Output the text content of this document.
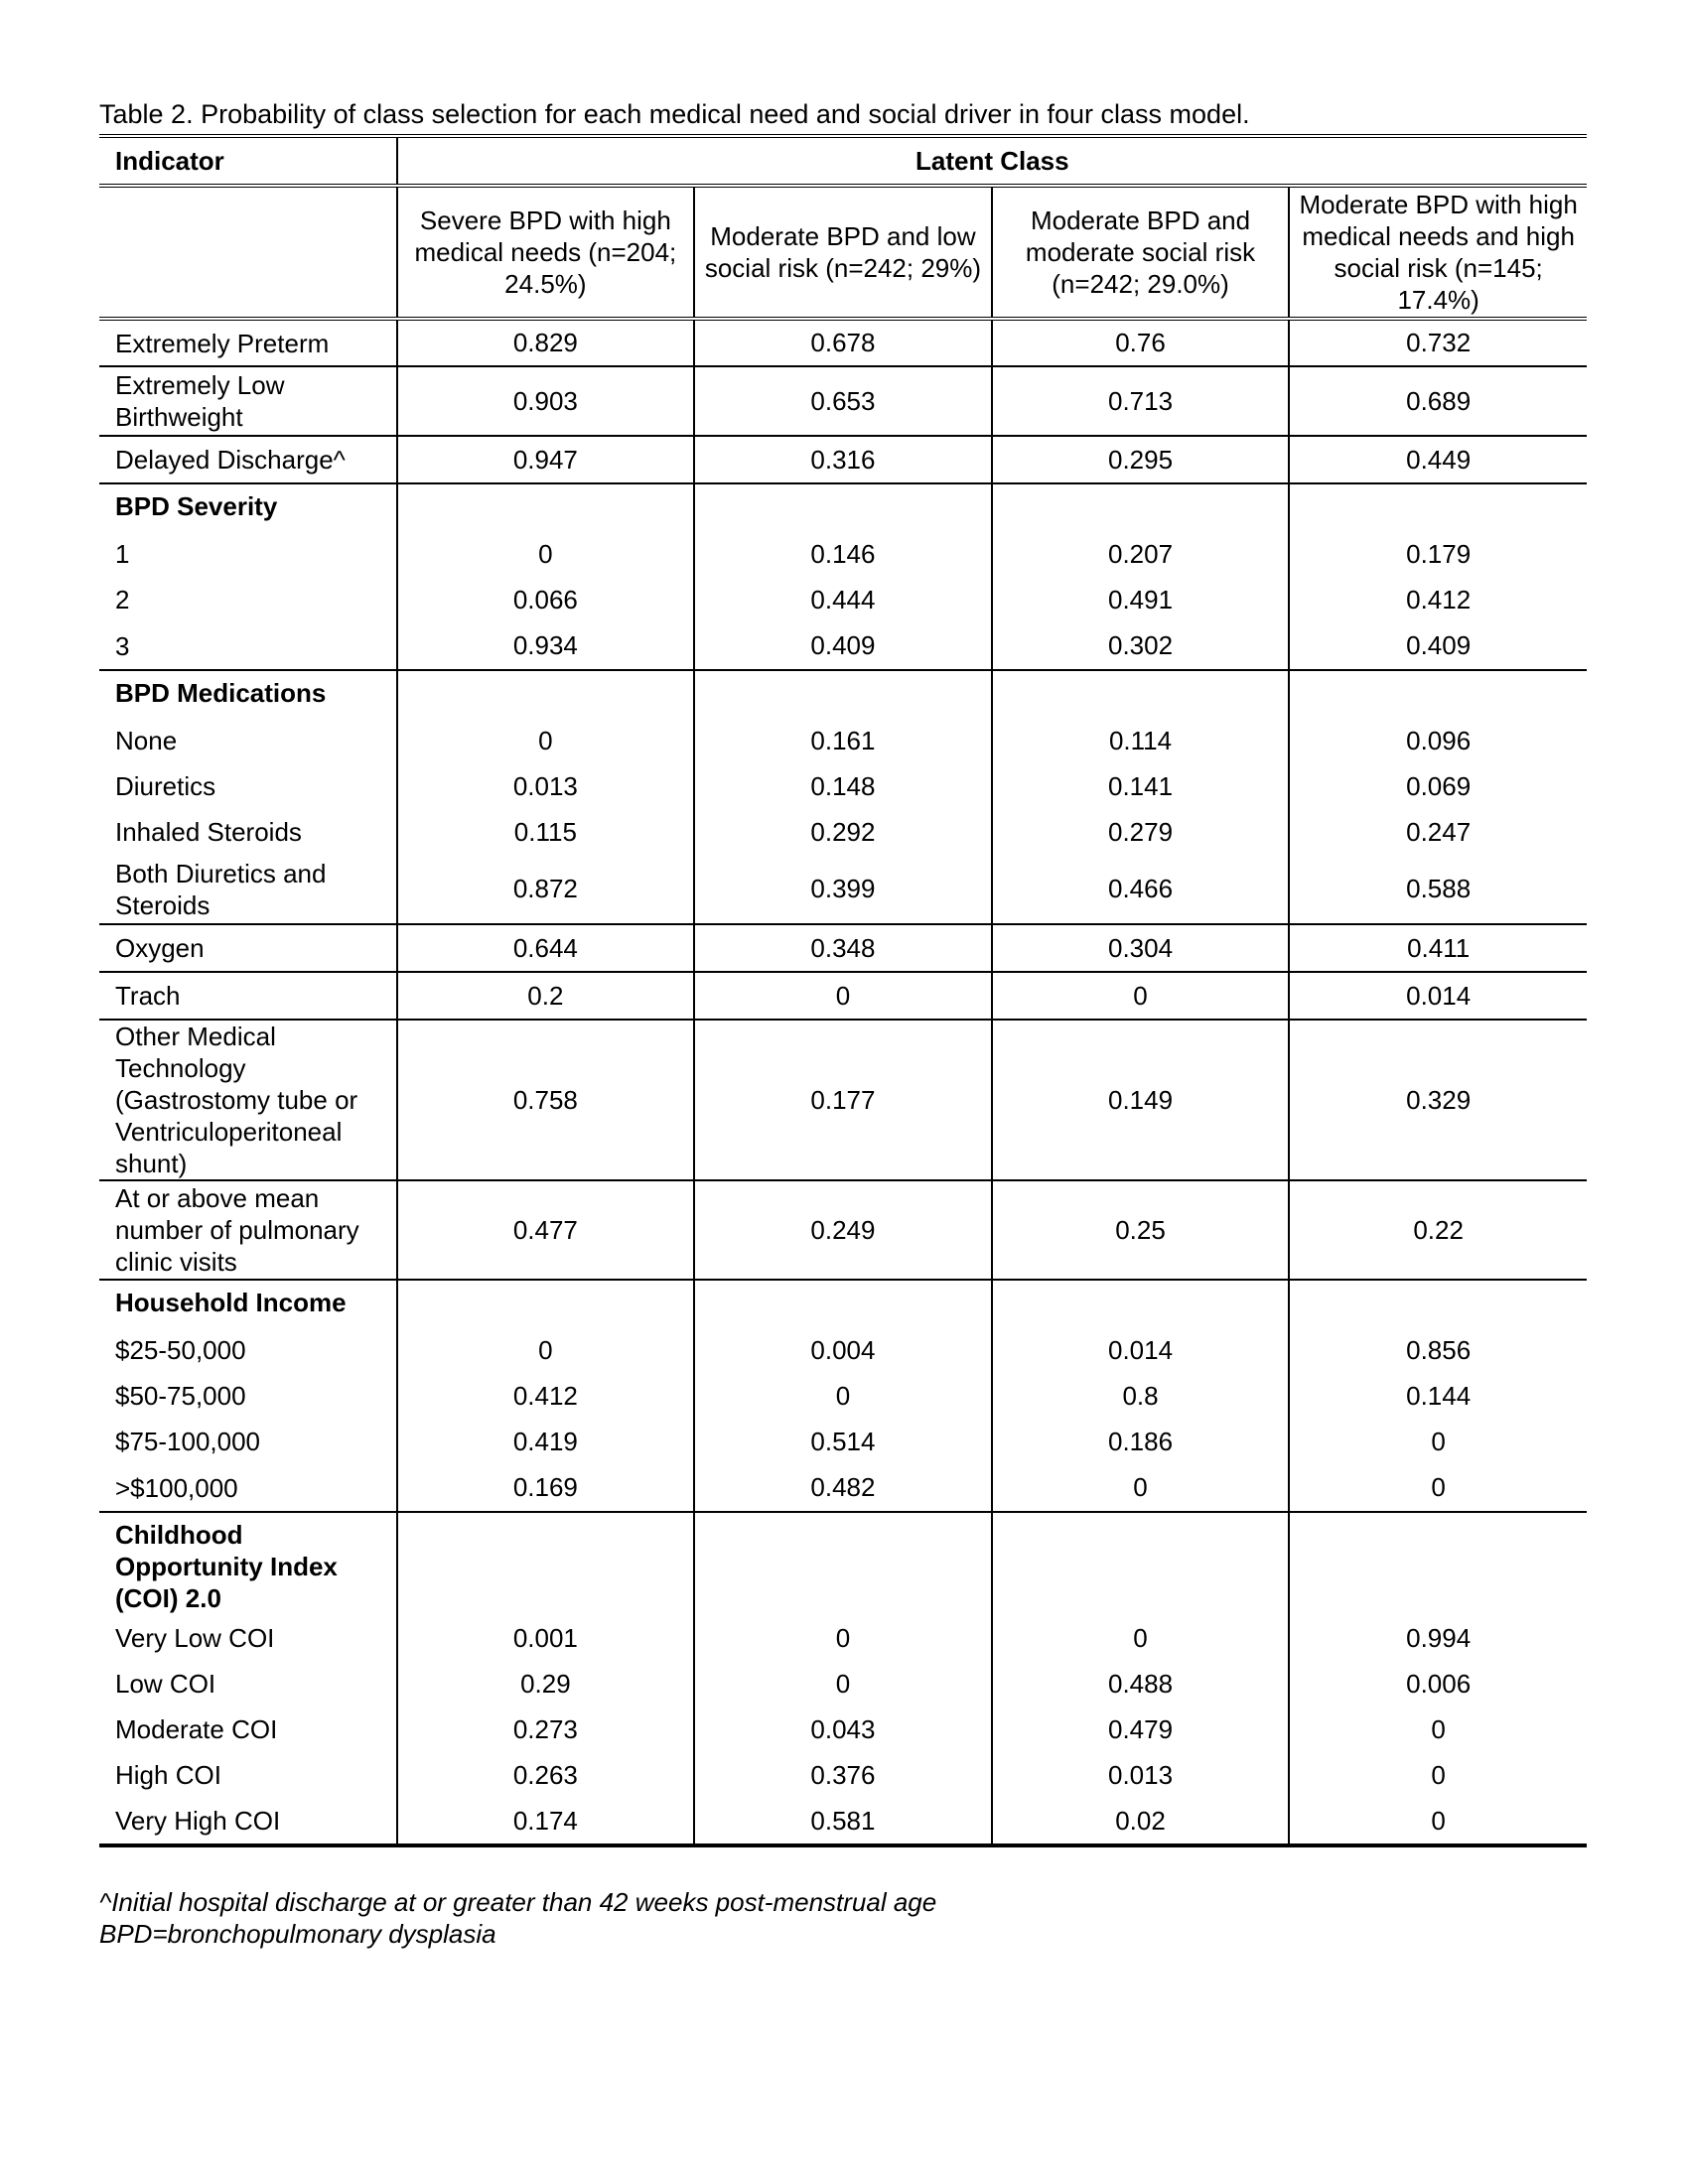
Table 2. Probability of class selection for each medical need and social driver in four class model.
Indicator	Latent Class			
	Severe BPD with high medical needs (n=204; 24.5%)	Moderate BPD and low social risk (n=242; 29%)	Moderate BPD and moderate social risk (n=242; 29.0%)	Moderate BPD with high medical needs and high social risk (n=145; 17.4%)
Extremely Preterm	0.829	0.678	0.76	0.732
Extremely Low Birthweight	0.903	0.653	0.713	0.689
Delayed Discharge^	0.947	0.316	0.295	0.449
BPD Severity				
1	0	0.146	0.207	0.179
2	0.066	0.444	0.491	0.412
3	0.934	0.409	0.302	0.409
BPD Medications				
None	0	0.161	0.114	0.096
Diuretics	0.013	0.148	0.141	0.069
Inhaled Steroids	0.115	0.292	0.279	0.247
Both Diuretics and Steroids	0.872	0.399	0.466	0.588
Oxygen	0.644	0.348	0.304	0.411
Trach	0.2	0	0	0.014
Other Medical Technology (Gastrostomy tube or Ventriculoperitoneal shunt)	0.758	0.177	0.149	0.329
At or above mean number of pulmonary clinic visits	0.477	0.249	0.25	0.22
Household Income				
$25-50,000	0	0.004	0.014	0.856
$50-75,000	0.412	0	0.8	0.144
$75-100,000	0.419	0.514	0.186	0
>$100,000	0.169	0.482	0	0
Childhood Opportunity Index (COI) 2.0				
Very Low COI	0.001	0	0	0.994
Low COI	0.29	0	0.488	0.006
Moderate COI	0.273	0.043	0.479	0
High COI	0.263	0.376	0.013	0
Very High COI	0.174	0.581	0.02	0
^Initial hospital discharge at or greater than 42 weeks post-menstrual age
BPD=bronchopulmonary dysplasia
